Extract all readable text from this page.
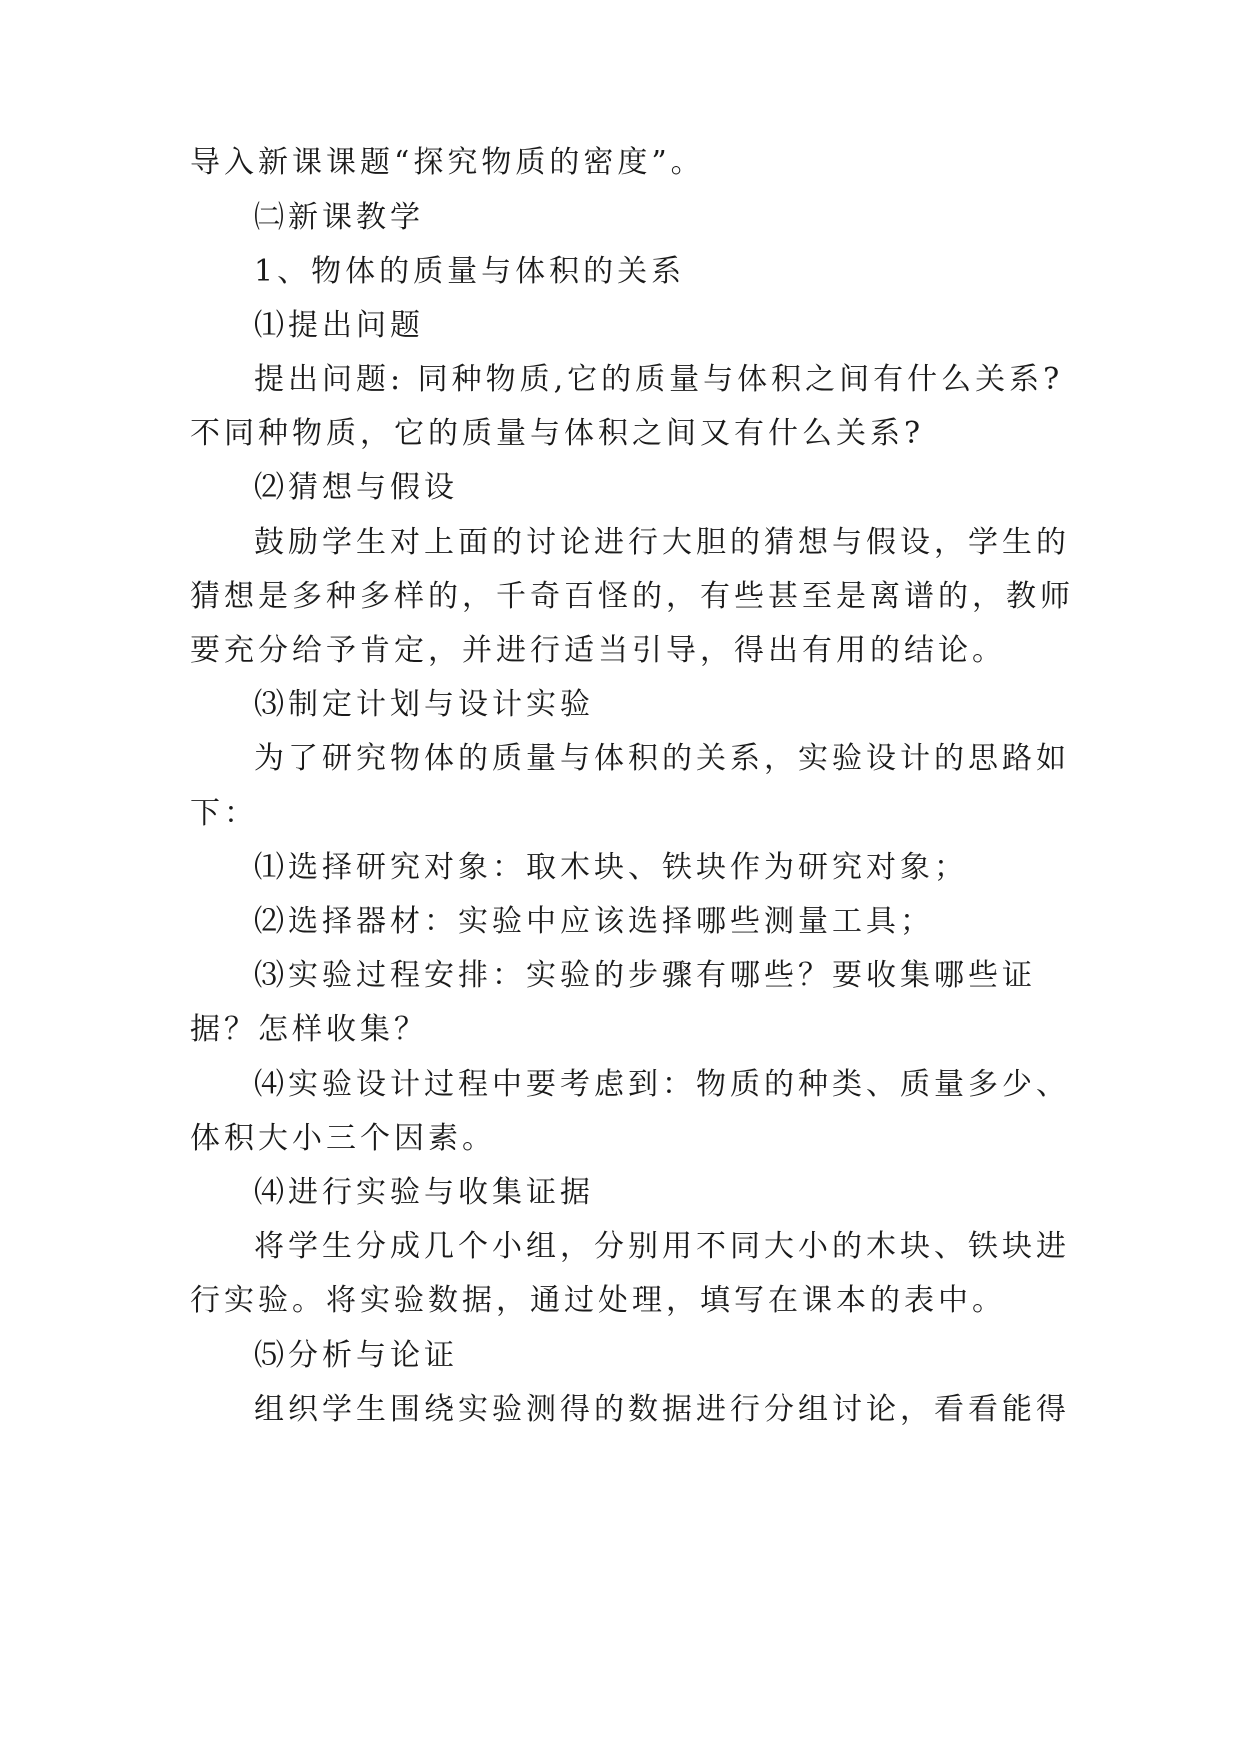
导入新课课题“探究物质的密度”。
㈡新课教学
1、物体的质量与体积的关系
⑴提出问题
提出问题: 同种物质,它的质量与体积之间有什么关系?
不同种物质，它的质量与体积之间又有什么关系?
⑵猜想与假设
鼓励学生对上面的讨论进行大胆的猜想与假设，学生的
猜想是多种多样的，千奇百怪的，有些甚至是离谱的，教师
要充分给予肯定，并进行适当引导，得出有用的结论。
⑶制定计划与设计实验
为了研究物体的质量与体积的关系，实验设计的思路如
下：
⑴选择研究对象：取木块、铁块作为研究对象；
⑵选择器材：实验中应该选择哪些测量工具；
⑶实验过程安排：实验的步骤有哪些？要收集哪些证
据？怎样收集？
⑷实验设计过程中要考虑到：物质的种类、质量多少、
体积大小三个因素。
⑷进行实验与收集证据
将学生分成几个小组，分别用不同大小的木块、铁块进
行实验。将实验数据，通过处理，填写在课本的表中。
⑸分析与论证
组织学生围绕实验测得的数据进行分组讨论，看看能得
